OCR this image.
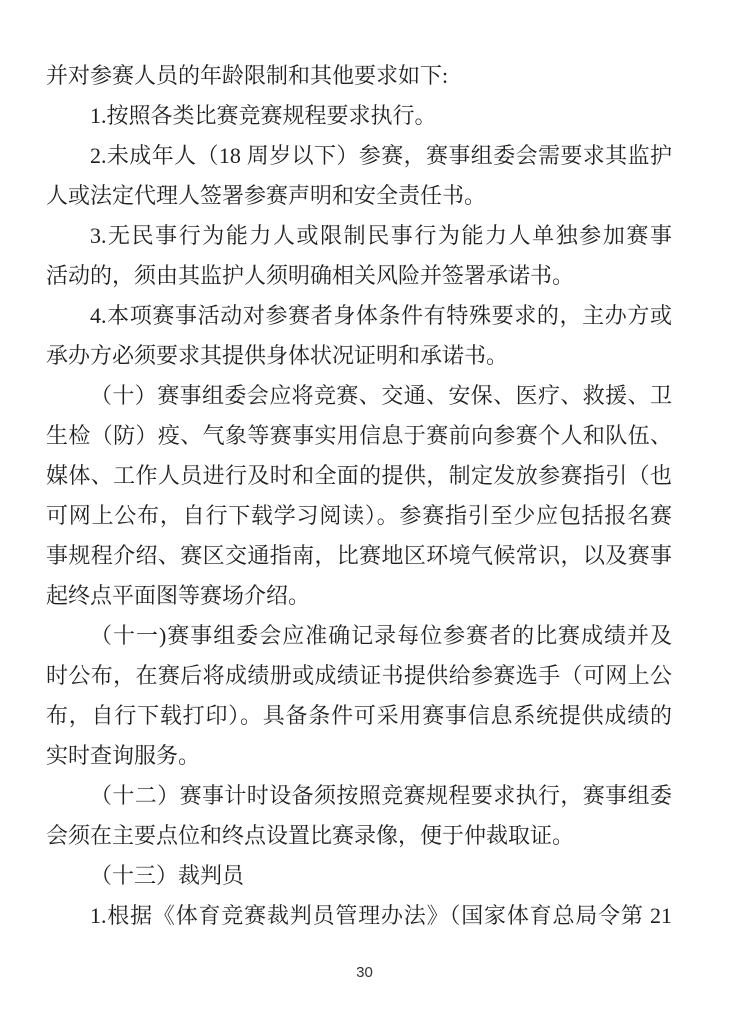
并对参赛人员的年龄限制和其他要求如下:
1.按照各类比赛竞赛规程要求执行。
2.未成年人（18 周岁以下）参赛，赛事组委会需要求其监护
人或法定代理人签署参赛声明和安全责任书。
3.无民事行为能力人或限制民事行为能力人单独参加赛事
活动的，须由其监护人须明确相关风险并签署承诺书。
4.本项赛事活动对参赛者身体条件有特殊要求的，主办方或
承办方必须要求其提供身体状况证明和承诺书。
（十）赛事组委会应将竞赛、交通、安保、医疗、救援、卫
生检（防）疫、气象等赛事实用信息于赛前向参赛个人和队伍、
媒体、工作人员进行及时和全面的提供，制定发放参赛指引（也
可网上公布，自行下载学习阅读）。参赛指引至少应包括报名赛
事规程介绍、赛区交通指南，比赛地区环境气候常识，以及赛事
起终点平面图等赛场介绍。
（十一)赛事组委会应准确记录每位参赛者的比赛成绩并及
时公布，在赛后将成绩册或成绩证书提供给参赛选手（可网上公
布，自行下载打印）。具备条件可采用赛事信息系统提供成绩的
实时查询服务。
（十二）赛事计时设备须按照竞赛规程要求执行，赛事组委
会须在主要点位和终点设置比赛录像，便于仲裁取证。
（十三）裁判员
1.根据《体育竞赛裁判员管理办法》（国家体育总局令第 21
30
